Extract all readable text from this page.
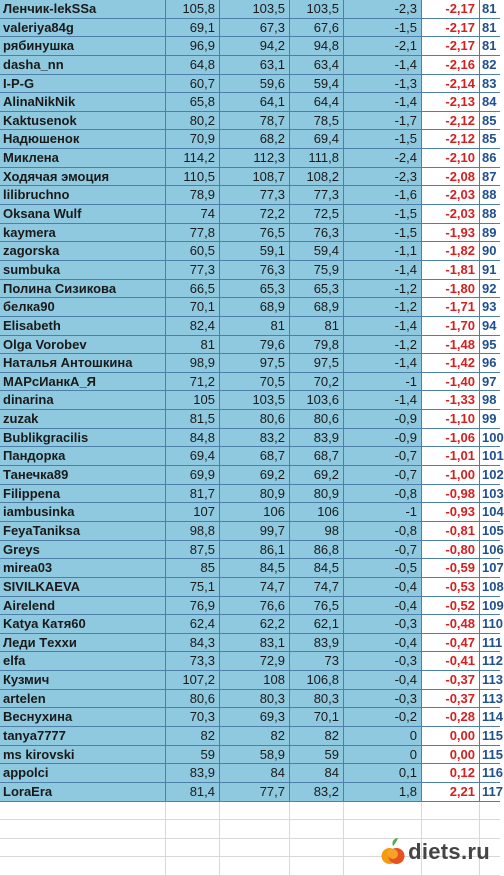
Ленчик-lekSSa	105,8	103,5	103,5	-2,3	-2,17 81
valeriya84g	69,1	67,3	67,6	-1,5	-2,17 81
рябинушка	96,9	94,2	94,8	-2,1	-2,17 81
dasha_nn	64,8	63,1	63,4	-1,4	-2,16 82
I-P-G	60,7	59,6	59,4	-1,3	-2,14 83
AlinaNikNik	65,8	64,1	64,4	-1,4	-2,13 84
Kaktusenok	80,2	78,7	78,5	-1,7	-2,12 85
Надюшенок	70,9	68,2	69,4	-1,5	-2,12 85
Миклена	114,2	112,3	111,8	-2,4	-2,10 86
Ходячая эмоция	110,5	108,7	108,2	-2,3	-2,08 87
lilibruchno	78,9	77,3	77,3	-1,6	-2,03 88
Oksana Wulf	74	72,2	72,5	-1,5	-2,03 88
kaymera	77,8	76,5	76,3	-1,5	-1,93 89
zagorska	60,5	59,1	59,4	-1,1	-1,82 90
sumbuka	77,3	76,3	75,9	-1,4	-1,81 91
Полина Сизикова	66,5	65,3	65,3	-1,2	-1,80 92
белка90	70,1	68,9	68,9	-1,2	-1,71 93
Elisabeth	82,4	81	81	-1,4	-1,70 94
Olga Vorobev	81	79,6	79,8	-1,2	-1,48 95
Наталья Антошкина	98,9	97,5	97,5	-1,4	-1,42 96
МАРсИанкА_Я	71,2	70,5	70,2	-1	-1,40 97
dinarina	105	103,5	103,6	-1,4	-1,33 98
zuzak	81,5	80,6	80,6	-0,9	-1,10 99
Bublikgracilis	84,8	83,2	83,9	-0,9	-1,06 100
Пандорка	69,4	68,7	68,7	-0,7	-1,01 101
Танечка89	69,9	69,2	69,2	-0,7	-1,00 102
Filippena	81,7	80,9	80,9	-0,8	-0,98 103
iambusinka	107	106	106	-1	-0,93 104
FeyaTaniksa	98,8	99,7	98	-0,8	-0,81 105
Greys	87,5	86,1	86,8	-0,7	-0,80 106
mirea03	85	84,5	84,5	-0,5	-0,59 107
SIVILKAEVA	75,1	74,7	74,7	-0,4	-0,53 108
Airelend	76,9	76,6	76,5	-0,4	-0,52 109
Katya Катя60	62,4	62,2	62,1	-0,3	-0,48 110
Леди Тexxи	84,3	83,1	83,9	-0,4	-0,47 111
elfa	73,3	72,9	73	-0,3	-0,41 112
Кузмич	107,2	108	106,8	-0,4	-0,37 113
artelen	80,6	80,3	80,3	-0,3	-0,37 113
Веснухина	70,3	69,3	70,1	-0,2	-0,28 114
tanya7777	82	82	82	0	0,00 115
ms kirovski	59	58,9	59	0	0,00 115
appolci	83,9	84	84	0,1	0,12 116
LoraEra	81,4	77,7	83,2	1,8	2,21 117
diets.ru
